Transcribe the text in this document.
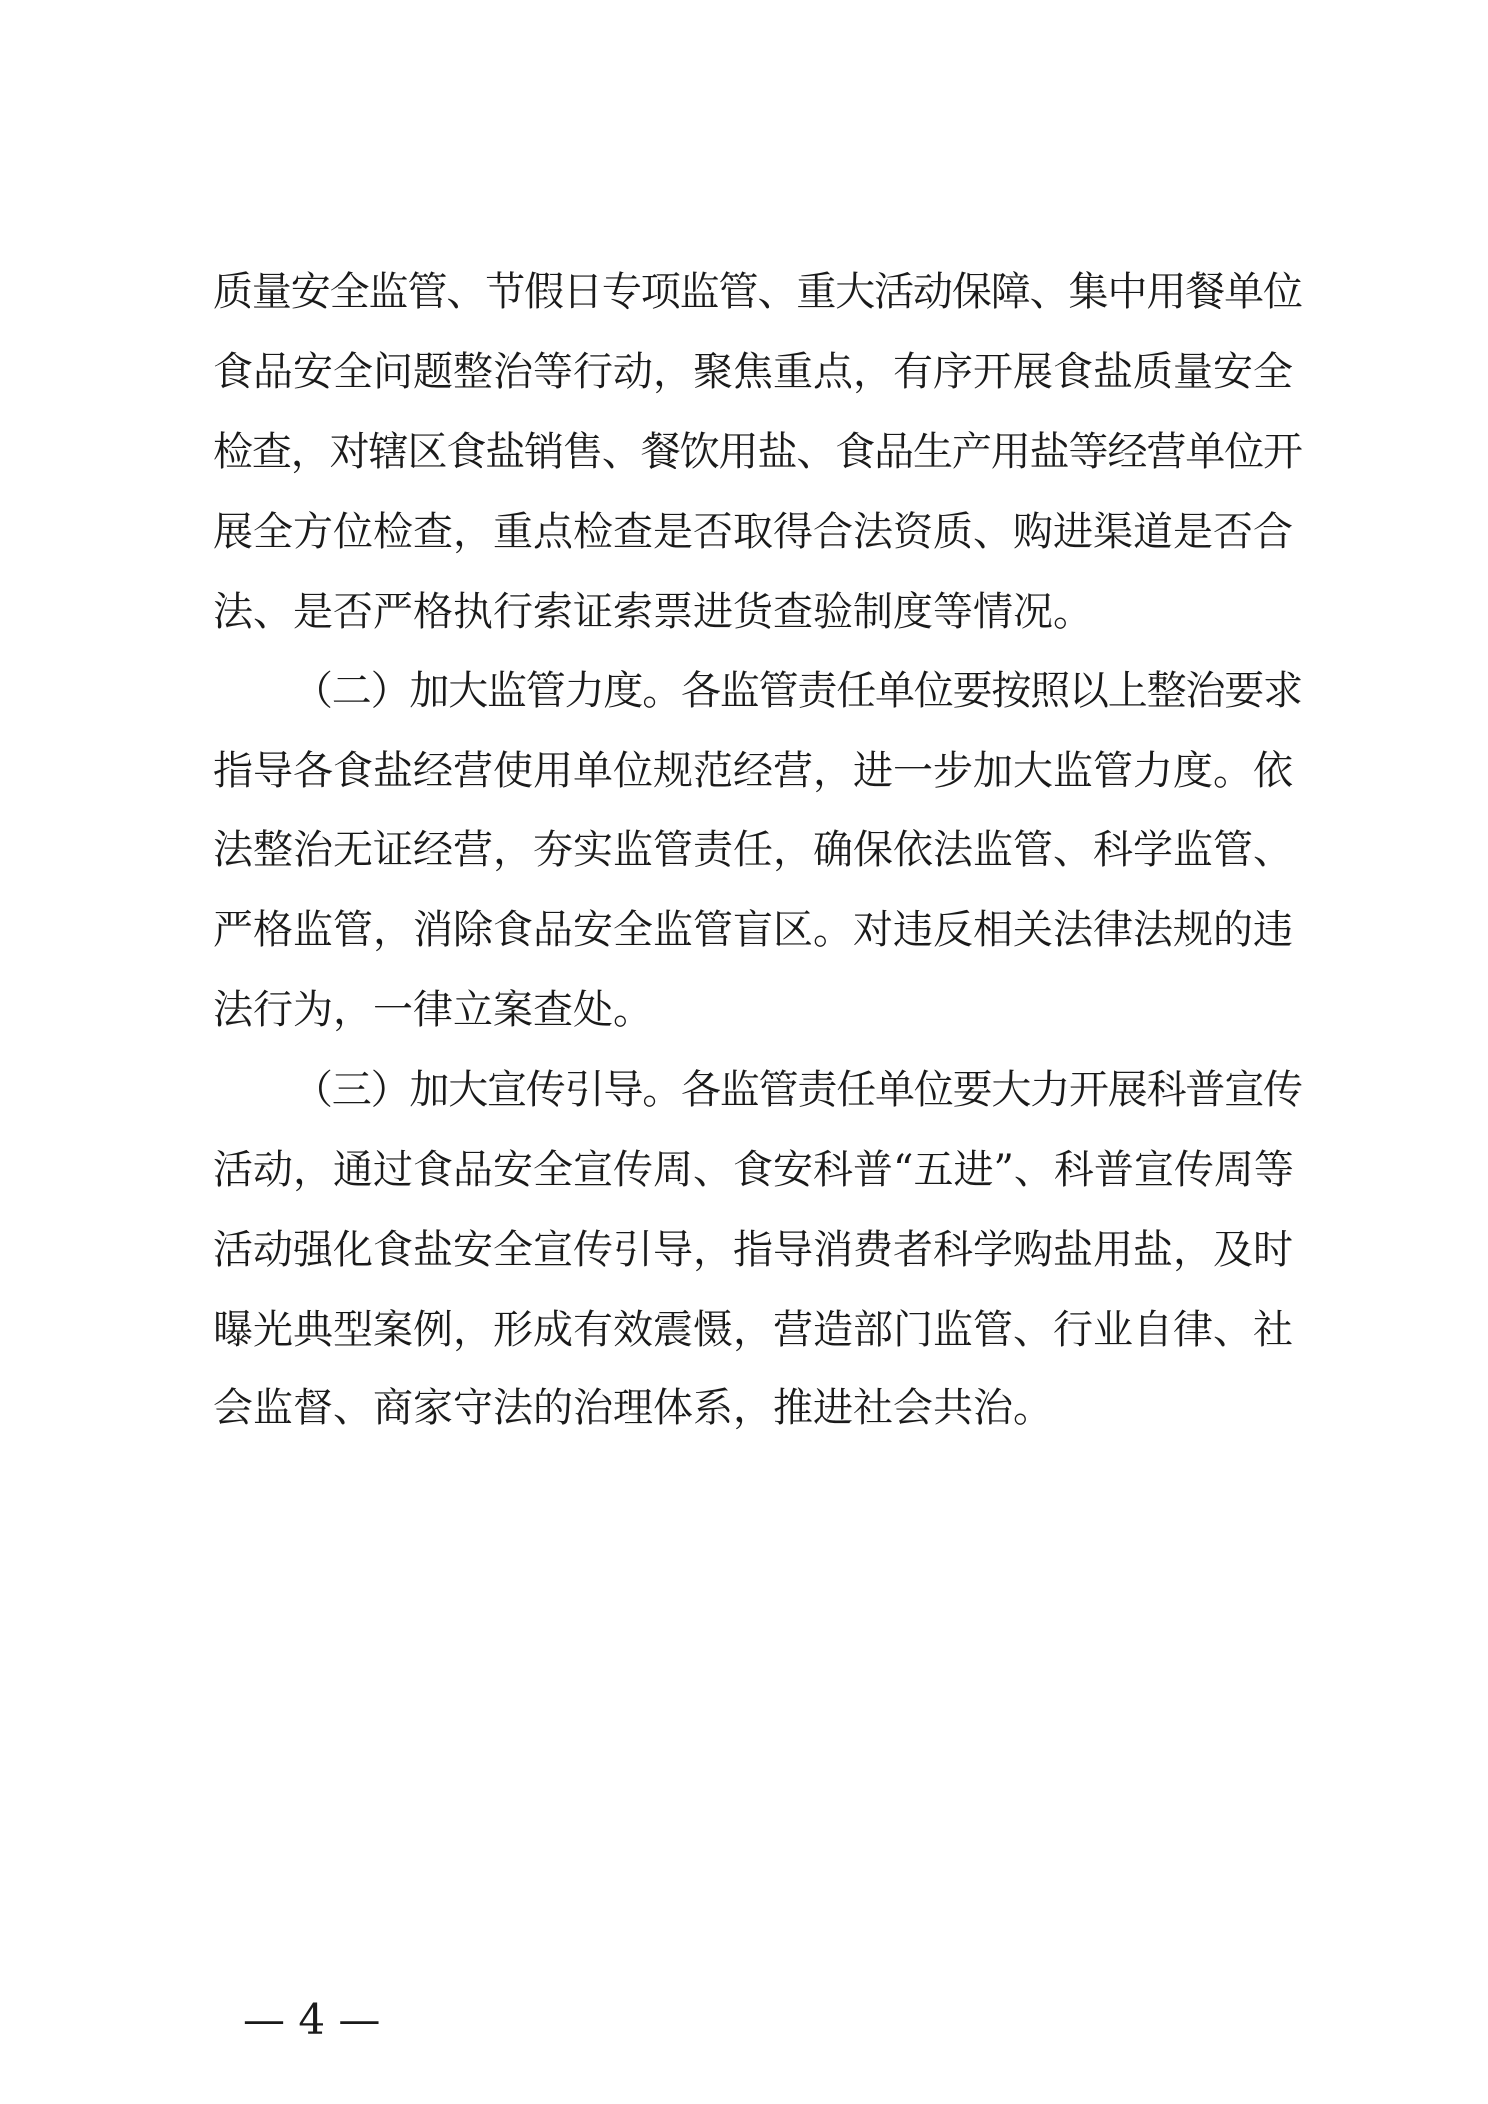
质量安全监管、节假日专项监管、重大活动保障、集中用餐单位
食品安全问题整治等行动，聚焦重点，有序开展食盐质量安全
检查，对辖区食盐销售、餐饮用盐、食品生产用盐等经营单位开
展全方位检查，重点检查是否取得合法资质、购进渠道是否合
法、是否严格执行索证索票进货查验制度等情况。
（二）加大监管力度。各监管责任单位要按照以上整治要求
指导各食盐经营使用单位规范经营，进一步加大监管力度。依
法整治无证经营，夯实监管责任，确保依法监管、科学监管、
严格监管，消除食品安全监管盲区。对违反相关法律法规的违
法行为，一律立案查处。
（三）加大宣传引导。各监管责任单位要大力开展科普宣传
活动，通过食品安全宣传周、食安科普“五进”、科普宣传周等
活动强化食盐安全宣传引导，指导消费者科学购盐用盐，及时
曝光典型案例，形成有效震慑，营造部门监管、行业自律、社
会监督、商家守法的治理体系，推进社会共治。
— 4 —
